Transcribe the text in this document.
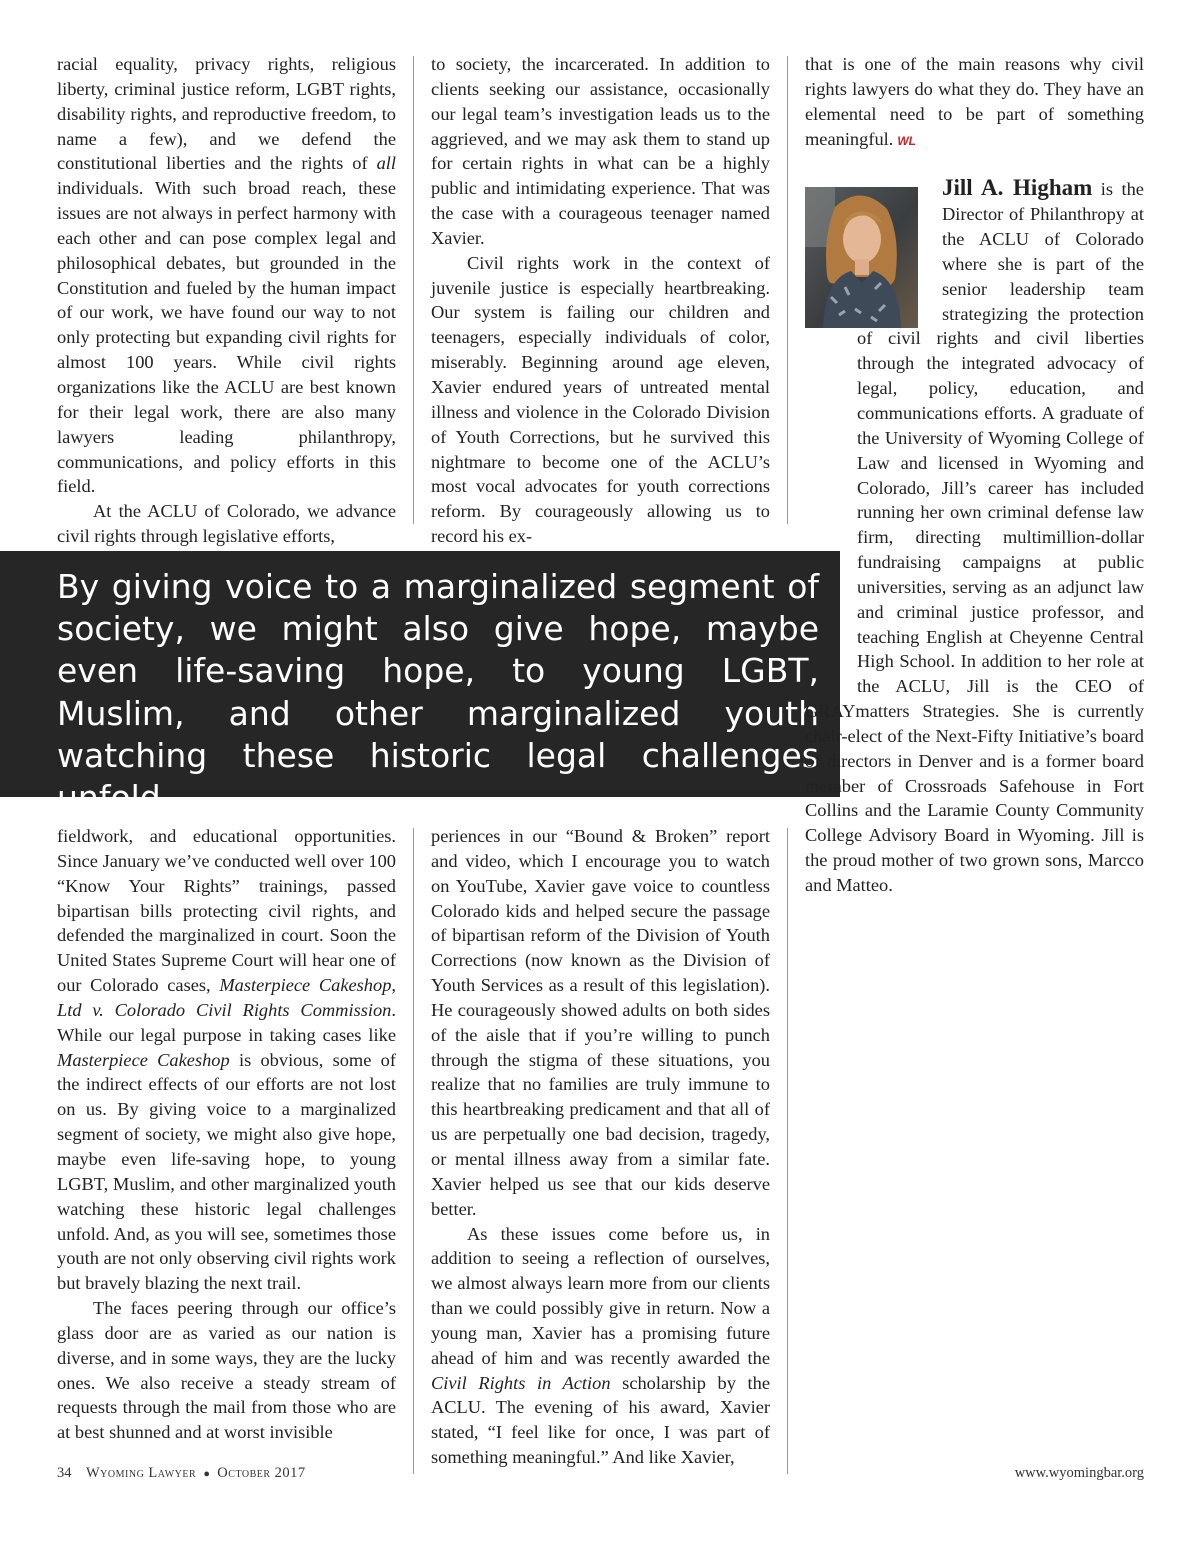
racial equality, privacy rights, religious liberty, criminal justice reform, LGBT rights, disability rights, and reproductive freedom, to name a few), and we defend the constitutional liberties and the rights of all individuals. With such broad reach, these issues are not always in perfect harmony with each other and can pose complex legal and philosophical debates, but grounded in the Constitution and fueled by the human impact of our work, we have found our way to not only protecting but expanding civil rights for almost 100 years. While civil rights organizations like the ACLU are best known for their legal work, there are also many lawyers leading philanthropy, communications, and policy efforts in this field.

At the ACLU of Colorado, we advance civil rights through legislative efforts,

to society, the incarcerated. In addition to clients seeking our assistance, occasionally our legal team’s investigation leads us to the aggrieved, and we may ask them to stand up for certain rights in what can be a highly public and intimidating experience. That was the case with a courageous teenager named Xavier.

Civil rights work in the context of juvenile justice is especially heartbreaking. Our system is failing our children and teenagers, especially individuals of color, miserably. Beginning around age eleven, Xavier endured years of untreated mental illness and violence in the Colorado Division of Youth Corrections, but he survived this nightmare to become one of the ACLU’s most vocal advocates for youth corrections reform. By courageously allowing us to record his ex-

By giving voice to a marginalized segment of society, we might also give hope, maybe even life-saving hope, to young LGBT, Muslim, and other marginalized youth watching these historic legal challenges unfold.

fieldwork, and educational opportunities. Since January we’ve conducted well over 100 “Know Your Rights” trainings, passed bipartisan bills protecting civil rights, and defended the marginalized in court. Soon the United States Supreme Court will hear one of our Colorado cases, Masterpiece Cakeshop, Ltd v. Colorado Civil Rights Commission. While our legal purpose in taking cases like Masterpiece Cakeshop is obvious, some of the indirect effects of our efforts are not lost on us. By giving voice to a marginalized segment of society, we might also give hope, maybe even life-saving hope, to young LGBT, Muslim, and other marginalized youth watching these historic legal challenges unfold. And, as you will see, sometimes those youth are not only observing civil rights work but bravely blazing the next trail.

The faces peering through our office’s glass door are as varied as our nation is diverse, and in some ways, they are the lucky ones. We also receive a steady stream of requests through the mail from those who are at best shunned and at worst invisible

periences in our “Bound & Broken” report and video, which I encourage you to watch on YouTube, Xavier gave voice to countless Colorado kids and helped secure the passage of bipartisan reform of the Division of Youth Corrections (now known as the Division of Youth Services as a result of this legislation). He courageously showed adults on both sides of the aisle that if you’re willing to punch through the stigma of these situations, you realize that no families are truly immune to this heartbreaking predicament and that all of us are perpetually one bad decision, tragedy, or mental illness away from a similar fate. Xavier helped us see that our kids deserve better.

As these issues come before us, in addition to seeing a reflection of ourselves, we almost always learn more from our clients than we could possibly give in return. Now a young man, Xavier has a promising future ahead of him and was recently awarded the Civil Rights in Action scholarship by the ACLU. The evening of his award, Xavier stated, “I feel like for once, I was part of something meaningful.” And like Xavier,

that is one of the main reasons why civil rights lawyers do what they do. They have an elemental need to be part of something meaningful. WL

Jill A. Higham is the Director of Philanthropy at the ACLU of Colorado where she is part of the senior leadership team strategizing the protection of civil rights and civil liberties through the integrated advocacy of legal, policy, education, and communications efforts. A graduate of the University of Wyoming College of Law and licensed in Wyoming and Colorado, Jill’s career has included running her own criminal defense law firm, directing multimillion-dollar fundraising campaigns at public universities, serving as an adjunct law and criminal justice professor, and teaching English at Cheyenne Central High School. In addition to her role at the ACLU, Jill is the CEO of GRAYmatters Strategies. She is currently chair-elect of the Next-Fifty Initiative’s board of directors in Denver and is a former board member of Crossroads Safehouse in Fort Collins and the Laramie County Community College Advisory Board in Wyoming. Jill is the proud mother of two grown sons, Marcco and Matteo.

34 Wyoming Lawyer ● October 2017	www.wyomingbar.org
